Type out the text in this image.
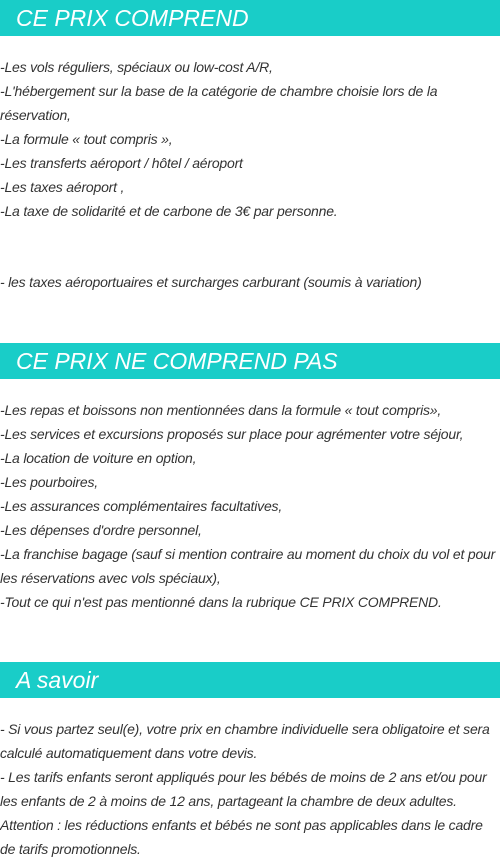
CE PRIX COMPREND

-Les vols réguliers, spéciaux ou low-cost A/R,

-L'hébergement sur la base de la catégorie de chambre choisie lors de la réservation,

-La formule « tout compris »,

-Les transferts aéroport / hôtel / aéroport

-Les taxes aéroport ,

-La taxe de solidarité et de carbone de 3€ par personne.

- les taxes aéroportuaires et surcharges carburant (soumis à variation)

CE PRIX NE COMPREND PAS

-Les repas et boissons non mentionnées dans la formule « tout compris»,

-Les services et excursions proposés sur place pour agrémenter votre séjour,

-La location de voiture en option,

-Les pourboires,

-Les assurances complémentaires facultatives,

-Les dépenses d'ordre personnel,

-La franchise bagage (sauf si mention contraire au moment du choix du vol et pour les réservations avec vols spéciaux),

-Tout ce qui n'est pas mentionné dans la rubrique CE PRIX COMPREND.

A savoir

- Si vous partez seul(e), votre prix en chambre individuelle sera obligatoire et sera calculé automatiquement dans votre devis.

- Les tarifs enfants seront appliqués pour les bébés de moins de 2 ans et/ou pour les enfants de 2 à moins de 12 ans, partageant la chambre de deux adultes.

Attention : les réductions enfants et bébés ne sont pas applicables dans le cadre de tarifs promotionnels.
